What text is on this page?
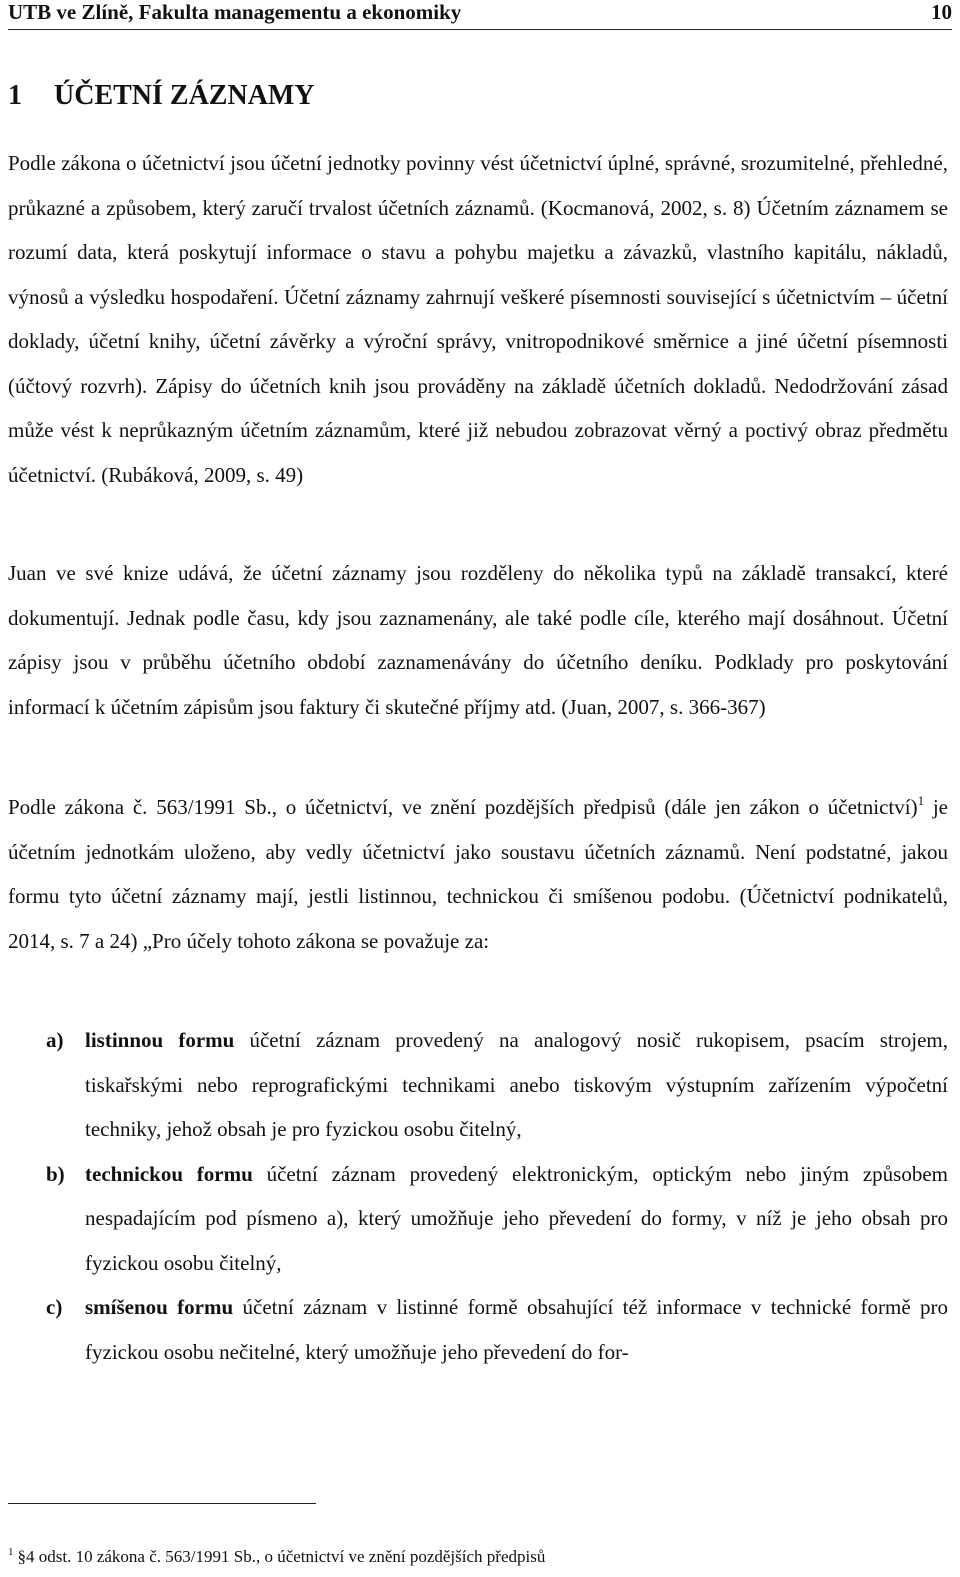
UTB ve Zlíně, Fakulta managementu a ekonomiky	10
1 ÚČETNÍ ZÁZNAMY

Podle zákona o účetnictví jsou účetní jednotky povinny vést účetnictví úplné, správné, srozumitelné, přehledné, průkazné a způsobem, který zaručí trvalost účetních záznamů. (Kocmanová, 2002, s. 8) Účetním záznamem se rozumí data, která poskytují informace o stavu a pohybu majetku a závazků, vlastního kapitálu, nákladů, výnosů a výsledku hospodaření. Účetní záznamy zahrnují veškeré písemnosti související s účetnictvím – účetní doklady, účetní knihy, účetní závěrky a výroční správy, vnitropodnikové směrnice a jiné účetní písemnosti (účtový rozvrh). Zápisy do účetních knih jsou prováděny na základě účetních dokladů. Nedodržování zásad může vést k neprůkazným účetním záznamům, které již nebudou zobrazovat věrný a poctivý obraz předmětu účetnictví. (Rubáková, 2009, s. 49)

Juan ve své knize udává, že účetní záznamy jsou rozděleny do několika typů na základě transakcí, které dokumentují. Jednak podle času, kdy jsou zaznamenány, ale také podle cíle, kterého mají dosáhnout. Účetní zápisy jsou v průběhu účetního období zaznamenávány do účetního deníku. Podklady pro poskytování informací k účetním zápisům jsou faktury či skutečné příjmy atd. (Juan, 2007, s. 366-367)

Podle zákona č. 563/1991 Sb., o účetnictví, ve znění pozdějších předpisů (dále jen zákon o účetnictví)$^1$ je účetním jednotkám uloženo, aby vedly účetnictví jako soustavu účetních záznamů. Není podstatné, jakou formu tyto účetní záznamy mají, jestli listinnou, technickou či smíšenou podobu. (Účetnictví podnikatelů, 2014, s. 7 a 24) „Pro účely tohoto zákona se považuje za:

a) listinnou formu účetní záznam provedený na analogový nosič rukopisem, psacím strojem, tiskařskými nebo reprografickými technikami anebo tiskovým výstupním zařízením výpočetní techniky, jehož obsah je pro fyzickou osobu čitelný,
b) technickou formu účetní záznam provedený elektronickým, optickým nebo jiným způsobem nespadajícím pod písmeno a), který umožňuje jeho převedení do formy, v níž je jeho obsah pro fyzickou osobu čitelný,
c) smíšenou formu účetní záznam v listinné formě obsahující též informace v technické formě pro fyzickou osobu nečitelné, který umožňuje jeho převedení do for-
$^1$ §4 odst. 10 zákona č. 563/1991 Sb., o účetnictví ve znění pozdějších předpisů
